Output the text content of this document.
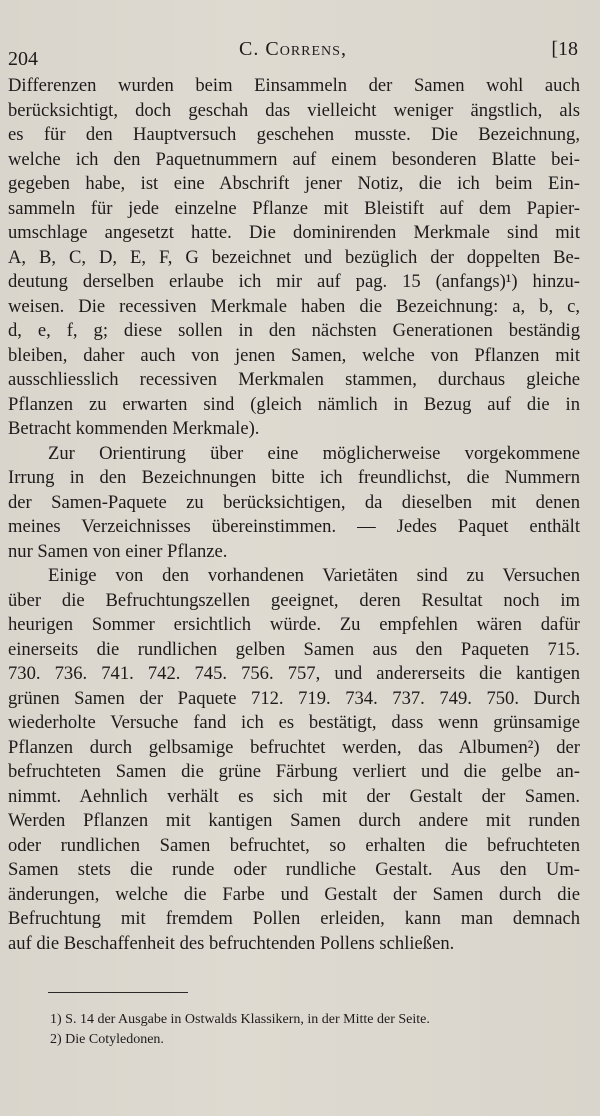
204	C. Correns,	[18
Differenzen wurden beim Einsammeln der Samen wohl auch
berücksichtigt, doch geschah das vielleicht weniger ängstlich, als
es für den Hauptversuch geschehen musste. Die Bezeichnung,
welche ich den Paquetnummern auf einem besonderen Blatte bei-
gegeben habe, ist eine Abschrift jener Notiz, die ich beim Ein-
sammeln für jede einzelne Pflanze mit Bleistift auf dem Papier-
umschlage angesetzt hatte. Die dominirenden Merkmale sind mit
A, B, C, D, E, F, G bezeichnet und bezüglich der doppelten Be-
deutung derselben erlaube ich mir auf pag. 15 (anfangs)¹) hinzu-
weisen. Die recessiven Merkmale haben die Bezeichnung: a, b, c,
d, e, f, g; diese sollen in den nächsten Generationen beständig
bleiben, daher auch von jenen Samen, welche von Pflanzen mit
ausschliesslich recessiven Merkmalen stammen, durchaus gleiche
Pflanzen zu erwarten sind (gleich nämlich in Bezug auf die in
Betracht kommenden Merkmale).
Zur Orientirung über eine möglicherweise vorgekommene
Irrung in den Bezeichnungen bitte ich freundlichst, die Nummern
der Samen-Paquete zu berücksichtigen, da dieselben mit denen
meines Verzeichnisses übereinstimmen. — Jedes Paquet enthält
nur Samen von einer Pflanze.
Einige von den vorhandenen Varietäten sind zu Versuchen
über die Befruchtungszellen geeignet, deren Resultat noch im
heurigen Sommer ersichtlich würde. Zu empfehlen wären dafür
einerseits die rundlichen gelben Samen aus den Paqueten 715.
730. 736. 741. 742. 745. 756. 757, und andererseits die kantigen
grünen Samen der Paquete 712. 719. 734. 737. 749. 750. Durch
wiederholte Versuche fand ich es bestätigt, dass wenn grünsamige
Pflanzen durch gelbsamige befruchtet werden, das Albumen²) der
befruchteten Samen die grüne Färbung verliert und die gelbe an-
nimmt. Aehnlich verhält es sich mit der Gestalt der Samen.
Werden Pflanzen mit kantigen Samen durch andere mit runden
oder rundlichen Samen befruchtet, so erhalten die befruchteten
Samen stets die runde oder rundliche Gestalt. Aus den Um-
änderungen, welche die Farbe und Gestalt der Samen durch die
Befruchtung mit fremdem Pollen erleiden, kann man demnach
auf die Beschaffenheit des befruchtenden Pollens schließen.
1) S. 14 der Ausgabe in Ostwalds Klassikern, in der Mitte der Seite.
2) Die Cotyledonen.
